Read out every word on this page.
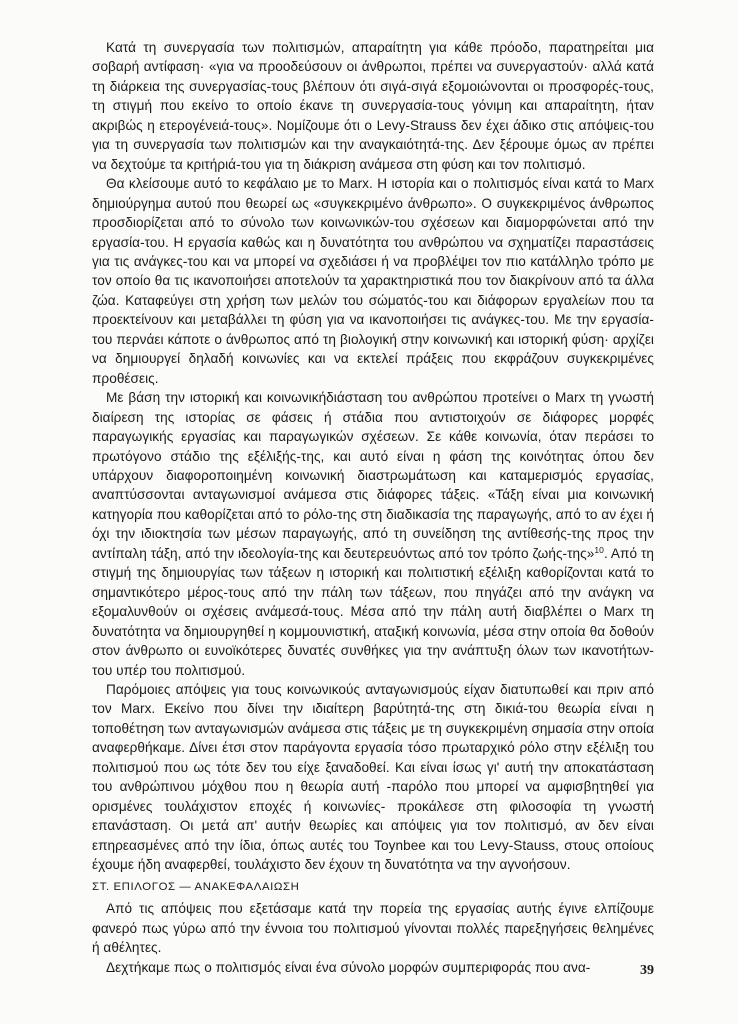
Κατά τη συνεργασία των πολιτισμών, απαραίτητη για κάθε πρόοδο, παρατηρείται μια σοβαρή αντίφαση· «για να προοδεύσουν οι άνθρωποι, πρέπει να συνεργαστούν· αλλά κατά τη διάρκεια της συνεργασίας-τους βλέπουν ότι σιγά-σιγά εξομοιώνονται οι προσφορές-τους, τη στιγμή που εκείνο το οποίο έκανε τη συνεργασία-τους γόνιμη και απαραίτητη, ήταν ακριβώς η ετερογένειά-τους». Νομίζουμε ότι ο Levy-Strauss δεν έχει άδικο στις απόψεις-του για τη συνεργασία των πολιτισμών και την αναγκαιότητά-της. Δεν ξέρουμε όμως αν πρέπει να δεχτούμε τα κριτήριά-του για τη διάκριση ανάμεσα στη φύση και τον πολιτισμό.

Θα κλείσουμε αυτό το κεφάλαιο με το Marx. Η ιστορία και ο πολιτισμός είναι κατά το Marx δημιούργημα αυτού που θεωρεί ως «συγκεκριμένο άνθρωπο». Ο συγκεκριμένος άνθρωπος προσδιορίζεται από το σύνολο των κοινωνικών-του σχέσεων και διαμορφώνεται από την εργασία-του. Η εργασία καθώς και η δυνατότητα του ανθρώπου να σχηματίζει παραστάσεις για τις ανάγκες-του και να μπορεί να σχεδιάσει ή να προβλέψει τον πιο κατάλληλο τρόπο με τον οποίο θα τις ικανοποιήσει αποτελούν τα χαρακτηριστικά που τον διακρίνουν από τα άλλα ζώα. Καταφεύγει στη χρήση των μελών του σώματός-του και διάφορων εργαλείων που τα προεκτείνουν και μεταβάλλει τη φύση για να ικανοποιήσει τις ανάγκες-του. Με την εργασία-του περνάει κάποτε ο άνθρωπος από τη βιολογική στην κοινωνική και ιστορική φύση· αρχίζει να δημιουργεί δηλαδή κοινωνίες και να εκτελεί πράξεις που εκφράζουν συγκεκριμένες προθέσεις.

Με βάση την ιστορική και κοινωνικήδιάσταση του ανθρώπου προτείνει ο Marx τη γνωστή διαίρεση της ιστορίας σε φάσεις ή στάδια που αντιστοιχούν σε διάφορες μορφές παραγωγικής εργασίας και παραγωγικών σχέσεων. Σε κάθε κοινωνία, όταν περάσει το πρωτόγονο στάδιο της εξέλιξής-της, και αυτό είναι η φάση της κοινότητας όπου δεν υπάρχουν διαφοροποιημένη κοινωνική διαστρωμάτωση και καταμερισμός εργασίας, αναπτύσσονται ανταγωνισμοί ανάμεσα στις διάφορες τάξεις. «Τάξη είναι μια κοινωνική κατηγορία που καθορίζεται από το ρόλο-της στη διαδικασία της παραγωγής, από το αν έχει ή όχι την ιδιοκτησία των μέσων παραγωγής, από τη συνείδηση της αντίθεσής-της προς την αντίπαλη τάξη, από την ιδεολογία-της και δευτερευόντως από τον τρόπο ζωής-της»$^{10}$. Από τη στιγμή της δημιουργίας των τάξεων η ιστορική και πολιτιστική εξέλιξη καθορίζονται κατά το σημαντικότερο μέρος-τους από την πάλη των τάξεων, που πηγάζει από την ανάγκη να εξομαλυνθούν οι σχέσεις ανάμεσά-τους. Μέσα από την πάλη αυτή διαβλέπει ο Marx τη δυνατότητα να δημιουργηθεί η κομμουνιστική, αταξική κοινωνία, μέσα στην οποία θα δοθούν στον άνθρωπο οι ευνοϊκότερες δυνατές συνθήκες για την ανάπτυξη όλων των ικανοτήτων-του υπέρ του πολιτισμού.

Παρόμοιες απόψεις για τους κοινωνικούς ανταγωνισμούς είχαν διατυπωθεί και πριν από τον Marx. Εκείνο που δίνει την ιδιαίτερη βαρύτητά-της στη δικιά-του θεωρία είναι η τοποθέτηση των ανταγωνισμών ανάμεσα στις τάξεις με τη συγκεκριμένη σημασία στην οποία αναφερθήκαμε. Δίνει έτσι στον παράγοντα εργασία τόσο πρωταρχικό ρόλο στην εξέλιξη του πολιτισμού που ως τότε δεν του είχε ξαναδοθεί. Και είναι ίσως γι' αυτή την αποκατάσταση του ανθρώπινου μόχθου που η θεωρία αυτή -παρόλο που μπορεί να αμφισβητηθεί για ορισμένες τουλάχιστον εποχές ή κοινωνίες- προκάλεσε στη φιλοσοφία τη γνωστή επανάσταση. Οι μετά απ' αυτήν θεωρίες και απόψεις για τον πολιτισμό, αν δεν είναι επηρεασμένες από την ίδια, όπως αυτές του Toynbee και του Levy-Stauss, στους οποίους έχουμε ήδη αναφερθεί, τουλάχιστο δεν έχουν τη δυνατότητα να την αγνοήσουν.

ΣΤ. ΕΠΙΛΟΓΟΣ — ΑΝΑΚΕΦΑΛΑΙΩΣΗ

Από τις απόψεις που εξετάσαμε κατά την πορεία της εργασίας αυτής έγινε ελπίζουμε φανερό πως γύρω από την έννοια του πολιτισμού γίνονται πολλές παρεξηγήσεις θελημένες ή αθέλητες.

Δεχτήκαμε πως ο πολιτισμός είναι ένα σύνολο μορφών συμπεριφοράς που ανα-	39
